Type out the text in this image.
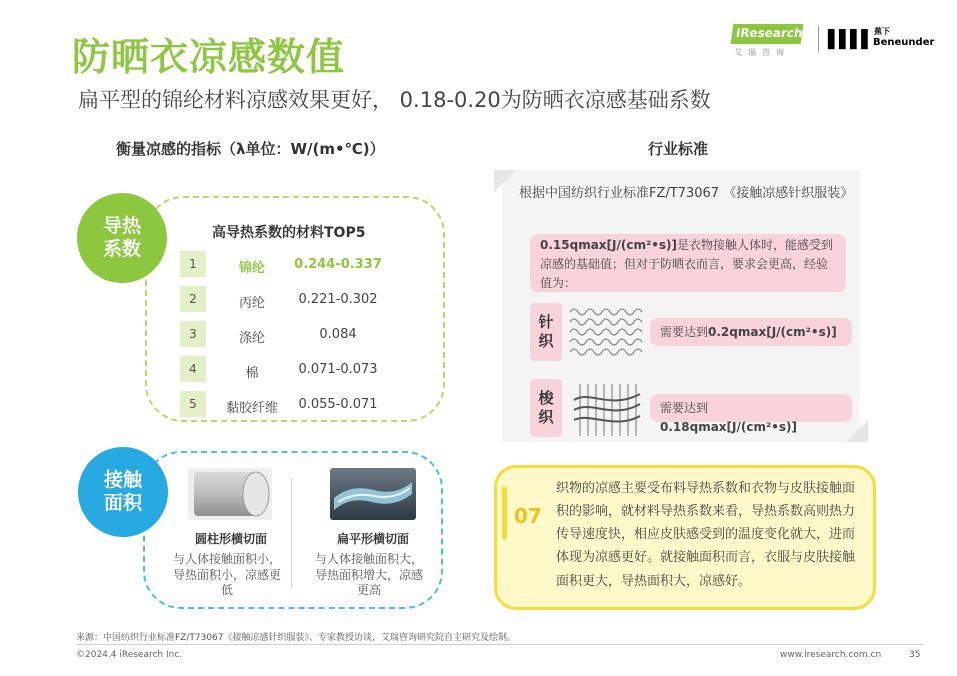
防晒衣凉感数值
扁平型的锦纶材料凉感效果更好， 0.18-0.20为防晒衣凉感基础系数
iResearch
艾瑞咨询
▌▌▌▌ 蕉下
Beneunder
衡量凉感的指标（λ单位：W/(m•℃)）
导热系数
高导热系数的材料TOP5
1	锦纶	0.244-0.337
2	丙纶	0.221-0.302
3	涤纶	0.084
4	棉	0.071-0.073
5	黏胶纤维	0.055-0.071
接触面积
圆柱形横切面
与人体接触面积小，导热面积小，凉感更低
扁平形横切面
与人体接触面积大，导热面积增大，凉感更高
行业标准
根据中国纺织行业标准FZ/T73067 《接触凉感针织服装》
0.15qmax[J/(cm²•s)]是衣物接触人体时，能感受到凉感的基础值；但对于防晒衣而言，要求会更高，经验值为：
针织	需要达到0.2qmax[J/(cm²•s)]
梭织	需要达到0.18qmax[J/(cm²•s)]
07
织物的凉感主要受布料导热系数和衣物与皮肤接触面积的影响，就材料导热系数来看，导热系数高则热力传导速度快，相应皮肤感受到的温度变化就大，进而体现为凉感更好。就接触面积而言，衣服与皮肤接触面积更大，导热面积大，凉感好。
来源：中国纺织行业标准FZ/T73067《接触凉感针织服装》、专家教授访谈，艾瑞咨询研究院自主研究及绘制。
©2024.4 iResearch Inc.	www.iresearch.com.cn	35
